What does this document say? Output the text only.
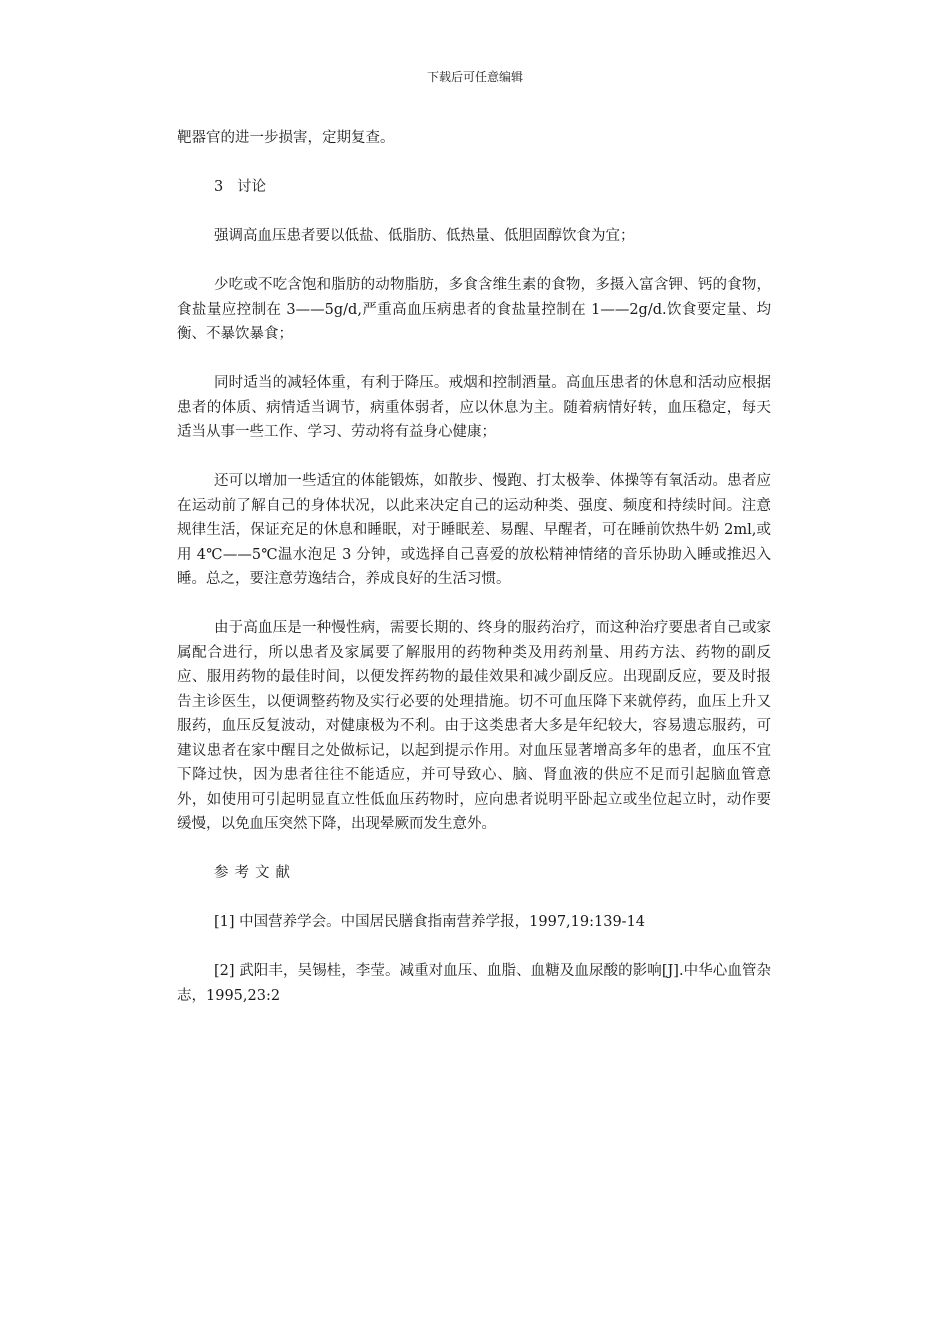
下载后可任意编辑

靶器官的进一步损害，定期复查。

3   讨论

强调高血压患者要以低盐、低脂肪、低热量、低胆固醇饮食为宜；

少吃或不吃含饱和脂肪的动物脂肪，多食含维生素的食物，多摄入富含钾、钙的食物，食盐量应控制在 3——5g/d,严重高血压病患者的食盐量控制在 1——2g/d.饮食要定量、均衡、不暴饮暴食；

同时适当的减轻体重，有利于降压。戒烟和控制酒量。高血压患者的休息和活动应根据患者的体质、病情适当调节，病重体弱者，应以休息为主。随着病情好转，血压稳定，每天适当从事一些工作、学习、劳动将有益身心健康；

还可以增加一些适宜的体能锻炼，如散步、慢跑、打太极拳、体操等有氧活动。患者应在运动前了解自己的身体状况，以此来决定自己的运动种类、强度、频度和持续时间。注意规律生活，保证充足的休息和睡眠，对于睡眠差、易醒、早醒者，可在睡前饮热牛奶 2ml,或用 4℃——5℃温水泡足 3 分钟，或选择自己喜爱的放松精神情绪的音乐协助入睡或推迟入睡。总之，要注意劳逸结合，养成良好的生活习惯。

由于高血压是一种慢性病，需要长期的、终身的服药治疗，而这种治疗要患者自己或家属配合进行，所以患者及家属要了解服用的药物种类及用药剂量、用药方法、药物的副反应、服用药物的最佳时间，以便发挥药物的最佳效果和减少副反应。出现副反应，要及时报告主诊医生，以便调整药物及实行必要的处理措施。切不可血压降下来就停药，血压上升又服药，血压反复波动，对健康极为不利。由于这类患者大多是年纪较大，容易遗忘服药，可建议患者在家中醒目之处做标记，以起到提示作用。对血压显著增高多年的患者，血压不宜下降过快，因为患者往往不能适应，并可导致心、脑、肾血液的供应不足而引起脑血管意外，如使用可引起明显直立性低血压药物时，应向患者说明平卧起立或坐位起立时，动作要缓慢，以免血压突然下降，出现晕厥而发生意外。

参考文献

[1] 中国营养学会。中国居民膳食指南营养学报，1997,19:139-14

[2] 武阳丰，吴锡桂，李莹。减重对血压、血脂、血糖及血尿酸的影响[J].中华心血管杂志，1995,23:2
